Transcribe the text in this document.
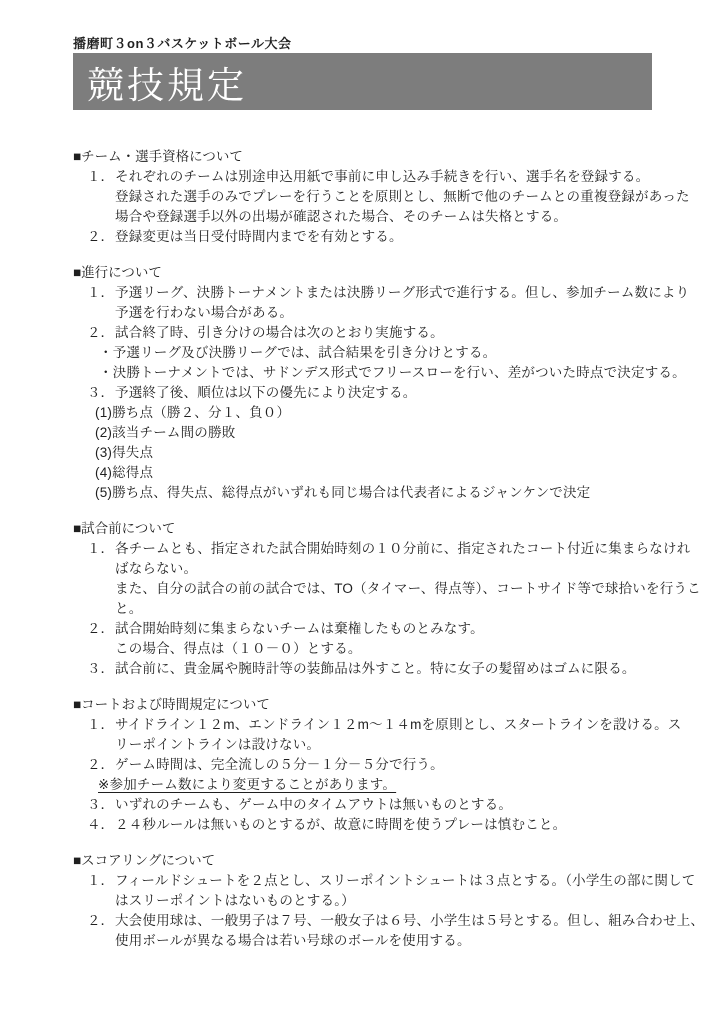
播磨町３on３バスケットボール大会
競技規定
■チーム・選手資格について
１． それぞれのチームは別途申込用紙で事前に申し込み手続きを行い、選手名を登録する。
登録された選手のみでプレーを行うことを原則とし、無断で他のチームとの重複登録があった
場合や登録選手以外の出場が確認された場合、そのチームは失格とする。
２． 登録変更は当日受付時間内までを有効とする。
■進行について
１． 予選リーグ、決勝トーナメントまたは決勝リーグ形式で進行する。但し、参加チーム数により
予選を行わない場合がある。
２． 試合終了時、引き分けの場合は次のとおり実施する。
・予選リーグ及び決勝リーグでは、試合結果を引き分けとする。
・決勝トーナメントでは、サドンデス形式でフリースローを行い、差がついた時点で決定する。
３． 予選終了後、順位は以下の優先により決定する。
(1)勝ち点（勝２、分１、負０）
(2)該当チーム間の勝敗
(3)得失点
(4)総得点
(5)勝ち点、得失点、総得点がいずれも同じ場合は代表者によるジャンケンで決定
■試合前について
１． 各チームとも、指定された試合開始時刻の１０分前に、指定されたコート付近に集まらなけれ
ばならない。
また、自分の試合の前の試合では、TO（タイマー、得点等）、コートサイド等で球拾いを行うこ
と。
２． 試合開始時刻に集まらないチームは棄権したものとみなす。
この場合、得点は（１０－０）とする。
３． 試合前に、貴金属や腕時計等の装飾品は外すこと。特に女子の髪留めはゴムに限る。
■コートおよび時間規定について
１． サイドライン１２m、エンドライン１２m～１４mを原則とし、スタートラインを設ける。ス
リーポイントラインは設けない。
２． ゲーム時間は、完全流しの５分－１分－５分で行う。
※参加チーム数により変更することがあります。
３． いずれのチームも、ゲーム中のタイムアウトは無いものとする。
４． ２４秒ルールは無いものとするが、故意に時間を使うプレーは慎むこと。
■スコアリングについて
１． フィールドシュートを２点とし、スリーポイントシュートは３点とする。（小学生の部に関して
はスリーポイントはないものとする。）
２． 大会使用球は、一般男子は７号、一般女子は６号、小学生は５号とする。但し、組み合わせ上、
使用ボールが異なる場合は若い号球のボールを使用する。
